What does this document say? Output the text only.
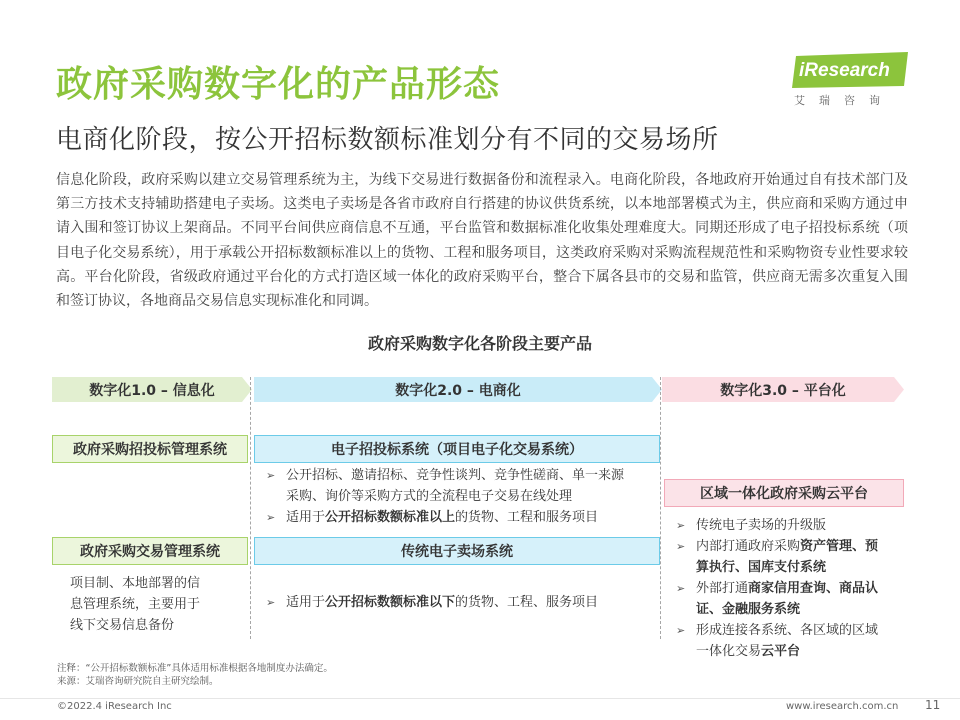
政府采购数字化的产品形态
电商化阶段，按公开招标数额标准划分有不同的交易场所
iResearch
艾瑞咨询
信息化阶段，政府采购以建立交易管理系统为主，为线下交易进行数据备份和流程录入。电商化阶段，各地政府开始通过自有技术部门及第三方技术支持辅助搭建电子卖场。这类电子卖场是各省市政府自行搭建的协议供货系统，以本地部署模式为主，供应商和采购方通过申请入围和签订协议上架商品。不同平台间供应商信息不互通，平台监管和数据标准化收集处理难度大。同期还形成了电子招投标系统（项目电子化交易系统），用于承载公开招标数额标准以上的货物、工程和服务项目，这类政府采购对采购流程规范性和采购物资专业性要求较高。平台化阶段，省级政府通过平台化的方式打造区域一体化的政府采购平台，整合下属各县市的交易和监管，供应商无需多次重复入围和签订协议，各地商品交易信息实现标准化和同调。
政府采购数字化各阶段主要产品
数字化1.0 – 信息化	数字化2.0 – 电商化	数字化3.0 – 平台化
政府采购招投标管理系统
政府采购交易管理系统
项目制、本地部署的信
息管理系统，主要用于
线下交易信息备份
电子招投标系统（项目电子化交易系统）
➢ 公开招标、邀请招标、竞争性谈判、竞争性磋商、单一来源
采购、询价等采购方式的全流程电子交易在线处理
➢ 适用于公开招标数额标准以上的货物、工程和服务项目
传统电子卖场系统
➢ 适用于公开招标数额标准以下的货物、工程、服务项目
区域一体化政府采购云平台
➢ 传统电子卖场的升级版
➢ 内部打通政府采购资产管理、预
算执行、国库支付系统
➢ 外部打通商家信用查询、商品认
证、金融服务系统
➢ 形成连接各系统、各区域的区域
一体化交易云平台
注释：“公开招标数额标准”具体适用标准根据各地制度办法确定。
来源：艾瑞咨询研究院自主研究绘制。
©2022.4 iResearch Inc	www.iresearch.com.cn 11
